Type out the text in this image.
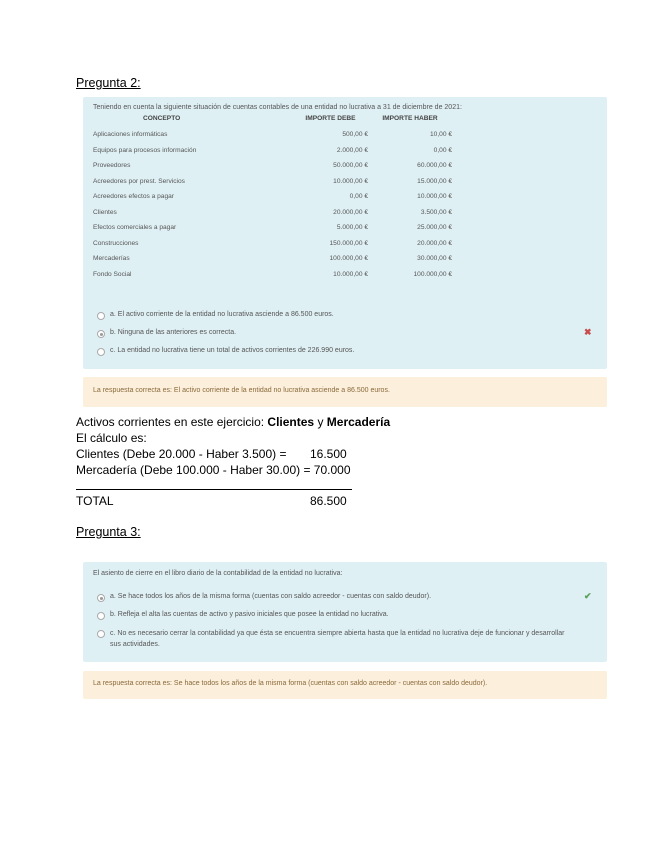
Pregunta 2:
Teniendo en cuenta la siguiente situación de cuentas contables de una entidad no lucrativa a 31 de diciembre de 2021:
CONCEPTO	IMPORTE DEBE	IMPORTE HABER
Aplicaciones informáticas	500,00 €	10,00 €
Equipos para procesos información	2.000,00 €	0,00 €
Proveedores	50.000,00 €	60.000,00 €
Acreedores por prest. Servicios	10.000,00 €	15.000,00 €
Acreedores efectos a pagar	0,00 €	10.000,00 €
Clientes	20.000,00 €	3.500,00 €
Efectos comerciales a pagar	5.000,00 €	25.000,00 €
Construcciones	150.000,00 €	20.000,00 €
Mercaderías	100.000,00 €	30.000,00 €
Fondo Social	10.000,00 €	100.000,00 €
a. El activo corriente de la entidad no lucrativa asciende a 86.500 euros.
b. Ninguna de las anteriores es correcta.
c. La entidad no lucrativa tiene un total de activos corrientes de 226.990 euros.
✖
La respuesta correcta es: El activo corriente de la entidad no lucrativa asciende a 86.500 euros.
Activos corrientes en este ejercicio: Clientes y Mercadería
El cálculo es:
Clientes (Debe 20.000 - Haber 3.500) = 16.500
Mercadería (Debe 100.000 - Haber 30.00) = 70.000
TOTAL	86.500
Pregunta 3:
El asiento de cierre en el libro diario de la contabilidad de la entidad no lucrativa:
a. Se hace todos los años de la misma forma (cuentas con saldo acreedor - cuentas con saldo deudor).
b. Refleja el alta las cuentas de activo y pasivo iniciales que posee la entidad no lucrativa.
c. No es necesario cerrar la contabilidad ya que ésta se encuentra siempre abierta hasta que la entidad no lucrativa deje de funcionar y desarrollar sus actividades.
✔
La respuesta correcta es: Se hace todos los años de la misma forma (cuentas con saldo acreedor - cuentas con saldo deudor).
